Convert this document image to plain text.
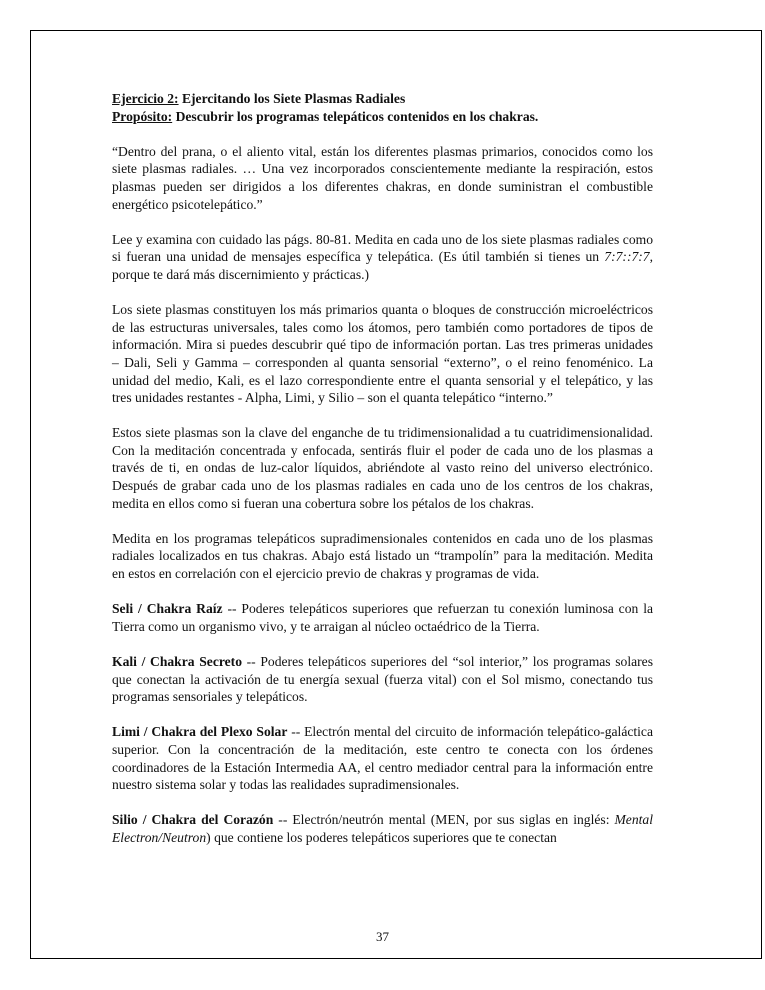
Ejercicio 2: Ejercitando los Siete Plasmas Radiales
Propósito: Descubrir los programas telepáticos contenidos en los chakras.

“Dentro del prana, o el aliento vital, están los diferentes plasmas primarios, conocidos como los siete plasmas radiales. … Una vez incorporados conscientemente mediante la respiración, estos plasmas pueden ser dirigidos a los diferentes chakras, en donde suministran el combustible energético psicotelepático.”

Lee y examina con cuidado las págs. 80-81. Medita en cada uno de los siete plasmas radiales como si fueran una unidad de mensajes específica y telepática. (Es útil también si tienes un 7:7::7:7, porque te dará más discernimiento y prácticas.)

Los siete plasmas constituyen los más primarios quanta o bloques de construcción microeléctricos de las estructuras universales, tales como los átomos, pero también como portadores de tipos de información. Mira si puedes descubrir qué tipo de información portan. Las tres primeras unidades – Dali, Seli y Gamma – corresponden al quanta sensorial “externo”, o el reino fenoménico. La unidad del medio, Kali, es el lazo correspondiente entre el quanta sensorial y el telepático, y las tres unidades restantes - Alpha, Limi, y Silio – son el quanta telepático “interno.”

Estos siete plasmas son la clave del enganche de tu tridimensionalidad a tu cuatridimensionalidad. Con la meditación concentrada y enfocada, sentirás fluir el poder de cada uno de los plasmas a través de ti, en ondas de luz-calor líquidos, abriéndote al vasto reino del universo electrónico. Después de grabar cada uno de los plasmas radiales en cada uno de los centros de los chakras, medita en ellos como si fueran una cobertura sobre los pétalos de los chakras.

Medita en los programas telepáticos supradimensionales contenidos en cada uno de los plasmas radiales localizados en tus chakras. Abajo está listado un “trampolín” para la meditación. Medita en estos en correlación con el ejercicio previo de chakras y programas de vida.

Seli / Chakra Raíz -- Poderes telepáticos superiores que refuerzan tu conexión luminosa con la Tierra como un organismo vivo, y te arraigan al núcleo octaédrico de la Tierra.

Kali / Chakra Secreto -- Poderes telepáticos superiores del “sol interior,” los programas solares que conectan la activación de tu energía sexual (fuerza vital) con el Sol mismo, conectando tus programas sensoriales y telepáticos.

Limi / Chakra del Plexo Solar -- Electrón mental del circuito de información telepático-galáctica superior. Con la concentración de la meditación, este centro te conecta con los órdenes coordinadores de la Estación Intermedia AA, el centro mediador central para la información entre nuestro sistema solar y todas las realidades supradimensionales.

Silio / Chakra del Corazón -- Electrón/neutrón mental (MEN, por sus siglas en inglés: Mental Electron/Neutron) que contiene los poderes telepáticos superiores que te conectan

37
